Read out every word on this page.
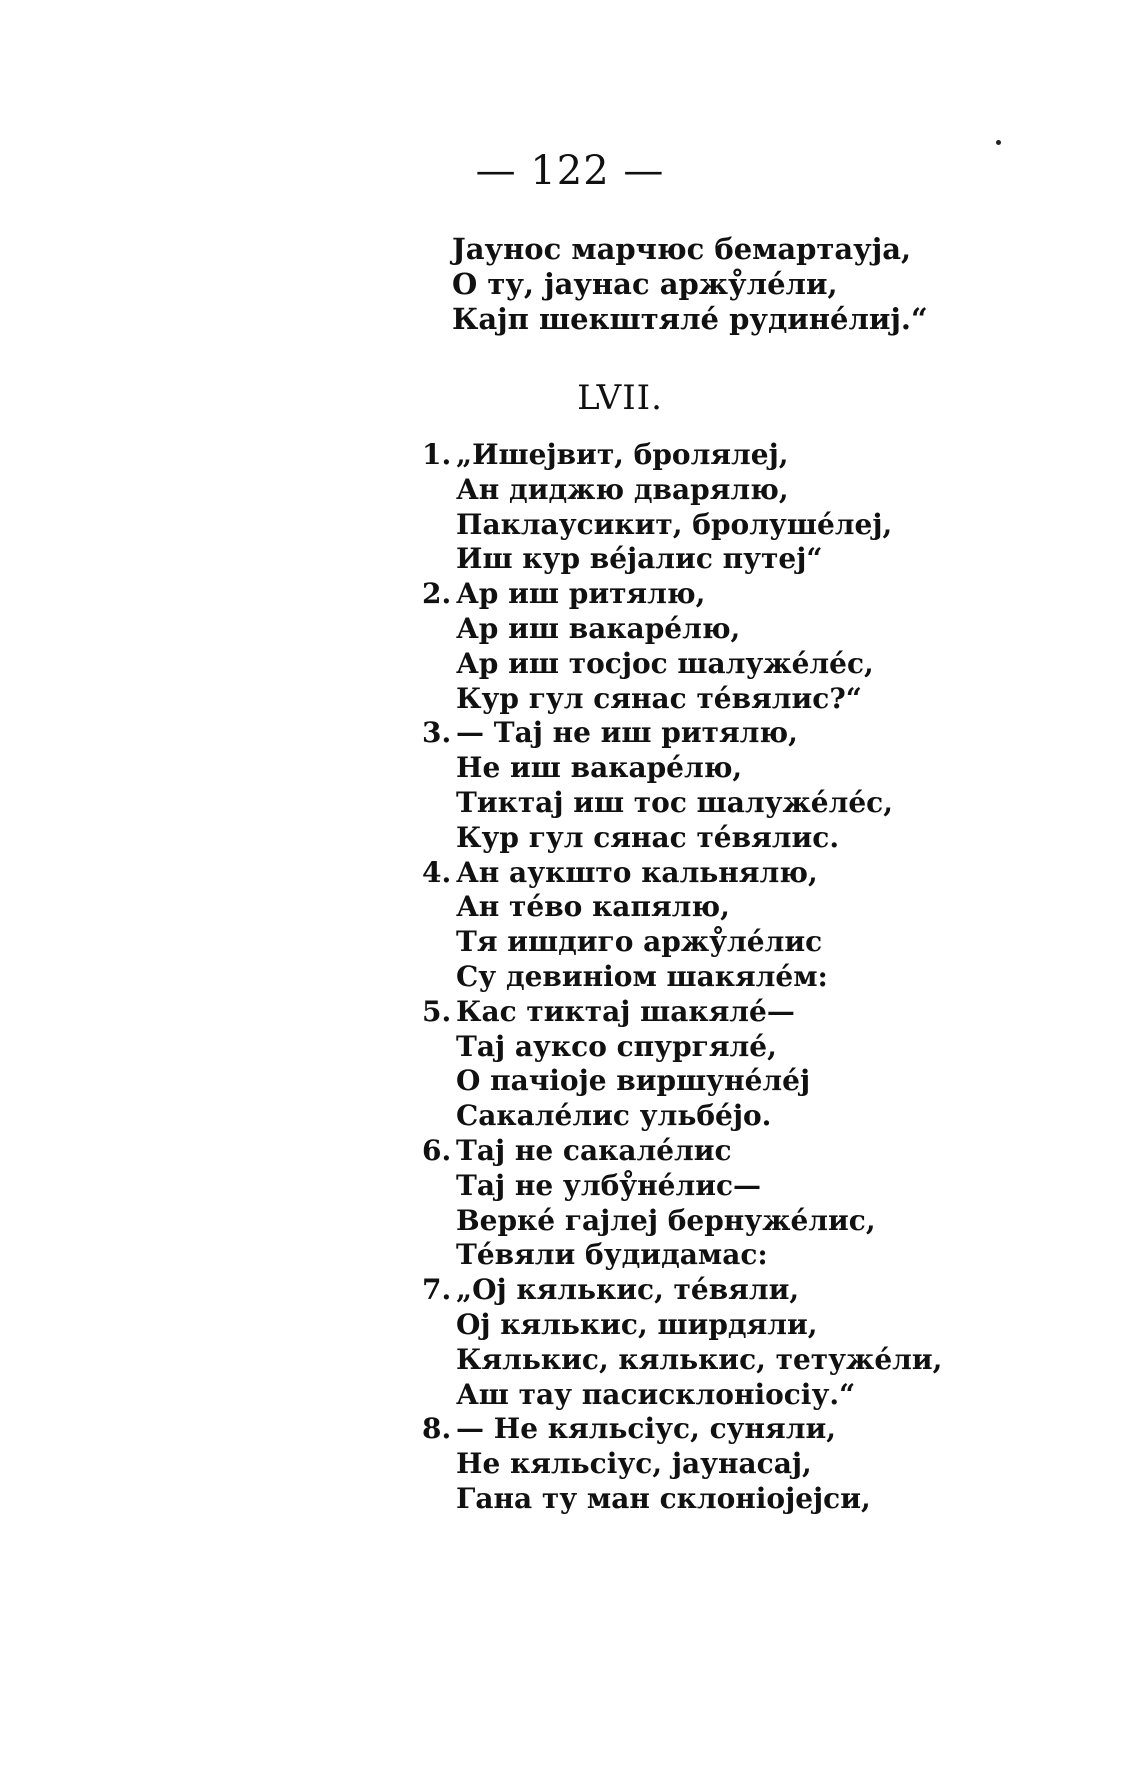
— 122 —
Јаунос марчюс бемартауја,
О ту, јаунас аржу̊лéли,
Кајп шекштялé рудинéлиј.“
LVII.
1. „Ишејвит, бролялеј,
Ан диджю дварялю,
Паклаусикит, бролушéлеј,
Иш кур вéјалис путеј“
2. Ар иш ритялю,
Ар иш вакарéлю,
Ар иш тосјос шалужéлéс,
Кур гул сянас тéвялис?“
3. — Тај не иш ритялю,
Не иш вакарéлю,
Тиктај иш тос шалужéлéс,
Кур гул сянас тéвялис.
4. Ан аукшто кальнялю,
Ан тéво капялю,
Тя ишдиго аржу̊лéлис
Су девиніом шакялéм:
5. Кас тиктај шакялé—
Тај ауксо спургялé,
О пачіоје виршунéлéј
Сакалéлис ульбéјо.
6. Тај не сакалéлис
Тај не улбу̊нéлис—
Веркé гајлеј бернужéлис,
Тéвяли будидамас:
7. „Ој кялькис, тéвяли,
Ој кялькис, ширдяли,
Кялькис, кялькис, тетужéли,
Аш тау пасисклоніосіу.“
8. — Не кяльсіус, суняли,
Не кяльсіус, јаунасај,
Гана ту ман склоніојејси,
